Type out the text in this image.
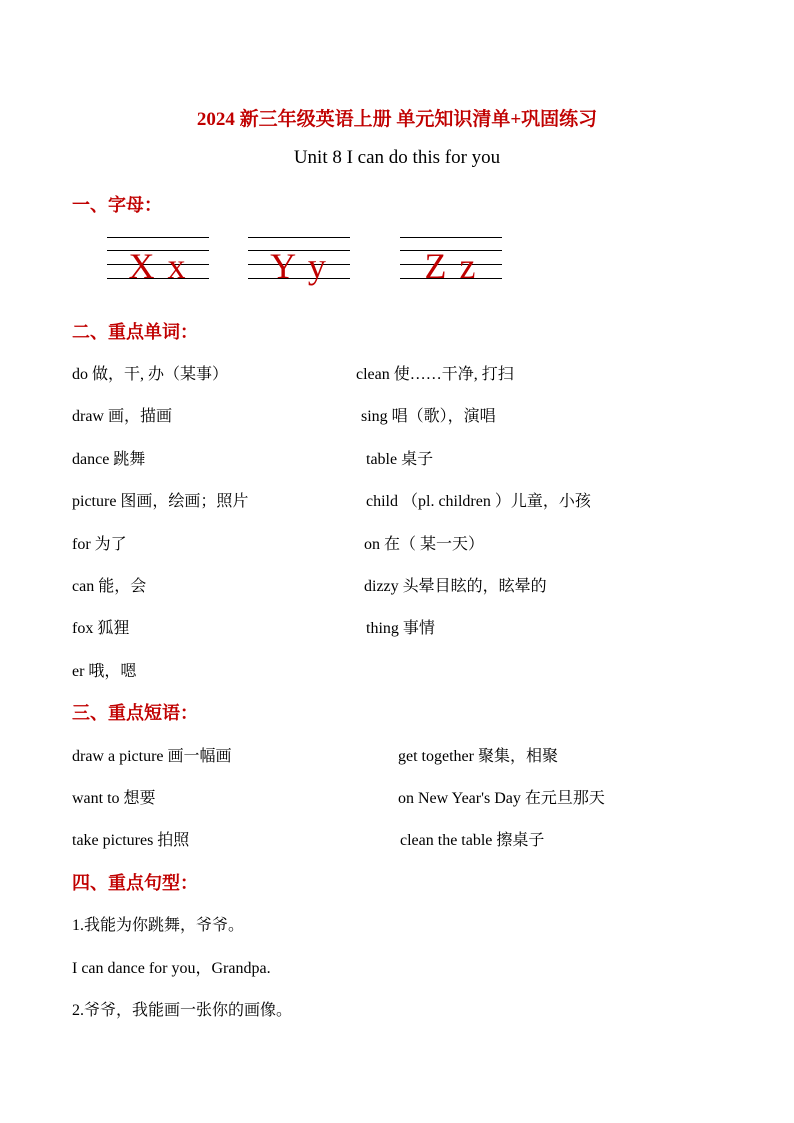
2024 新三年级英语上册 单元知识清单+巩固练习
Unit 8 I can do this for you
一、字母：
X x	Y y	Z z
二、重点单词：
do 做，干, 办（某事）
draw 画，描画
dance 跳舞
picture 图画，绘画；照片
for 为了
can 能，会
fox 狐狸
er 哦，嗯
clean 使……干净, 打扫
sing 唱（歌），演唱
table 桌子
child （pl. children ）儿童，小孩
on 在（ 某一天）
dizzy 头晕目眩的，眩晕的
thing 事情
三、重点短语：
draw a picture 画一幅画
want to 想要
take pictures 拍照
get together 聚集，相聚
on New Year's Day 在元旦那天
clean the table 擦桌子
四、重点句型：
1.我能为你跳舞，爷爷。
I can dance for you，Grandpa.
2.爷爷，我能画一张你的画像。
